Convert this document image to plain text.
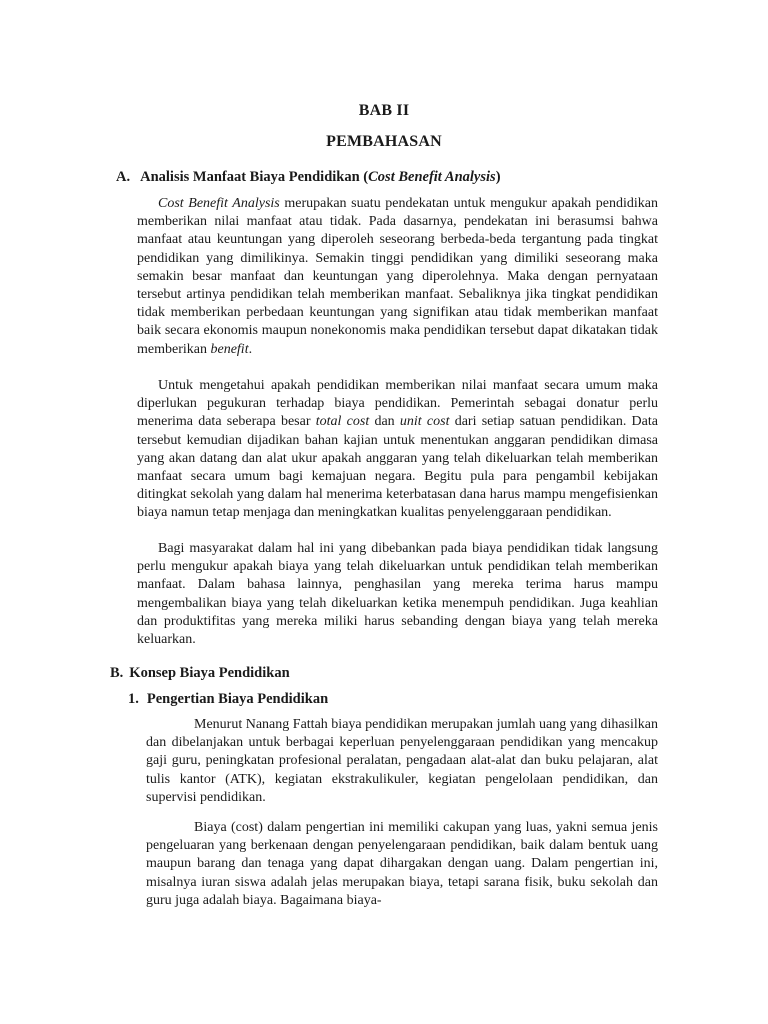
BAB II
PEMBAHASAN
A. Analisis Manfaat Biaya Pendidikan (Cost Benefit Analysis)

Cost Benefit Analysis merupakan suatu pendekatan untuk mengukur apakah pendidikan memberikan nilai manfaat atau tidak. Pada dasarnya, pendekatan ini berasumsi bahwa manfaat atau keuntungan yang diperoleh seseorang berbeda-beda tergantung pada tingkat pendidikan yang dimilikinya. Semakin tinggi pendidikan yang dimiliki seseorang maka semakin besar manfaat dan keuntungan yang diperolehnya. Maka dengan pernyataan tersebut artinya pendidikan telah memberikan manfaat. Sebaliknya jika tingkat pendidikan tidak memberikan perbedaan keuntungan yang signifikan atau tidak memberikan manfaat baik secara ekonomis maupun nonekonomis maka pendidikan tersebut dapat dikatakan tidak memberikan benefit.

Untuk mengetahui apakah pendidikan memberikan nilai manfaat secara umum maka diperlukan pegukuran terhadap biaya pendidikan. Pemerintah sebagai donatur perlu menerima data seberapa besar total cost dan unit cost dari setiap satuan pendidikan. Data tersebut kemudian dijadikan bahan kajian untuk menentukan anggaran pendidikan dimasa yang akan datang dan alat ukur apakah anggaran yang telah dikeluarkan telah memberikan manfaat secara umum bagi kemajuan negara. Begitu pula para pengambil kebijakan ditingkat sekolah yang dalam hal menerima keterbatasan dana harus mampu mengefisienkan biaya namun tetap menjaga dan meningkatkan kualitas penyelenggaraan pendidikan.

Bagi masyarakat dalam hal ini yang dibebankan pada biaya pendidikan tidak langsung perlu mengukur apakah biaya yang telah dikeluarkan untuk pendidikan telah memberikan manfaat. Dalam bahasa lainnya, penghasilan yang mereka terima harus mampu mengembalikan biaya yang telah dikeluarkan ketika menempuh pendidikan. Juga keahlian dan produktifitas yang mereka miliki harus sebanding dengan biaya yang telah mereka keluarkan.

B. Konsep Biaya Pendidikan
1. Pengertian Biaya Pendidikan

Menurut Nanang Fattah biaya pendidikan merupakan jumlah uang yang dihasilkan dan dibelanjakan untuk berbagai keperluan penyelenggaraan pendidikan yang mencakup gaji guru, peningkatan profesional peralatan, pengadaan alat-alat dan buku pelajaran, alat tulis kantor (ATK), kegiatan ekstrakulikuler, kegiatan pengelolaan pendidikan, dan supervisi pendidikan.

Biaya (cost) dalam pengertian ini memiliki cakupan yang luas, yakni semua jenis pengeluaran yang berkenaan dengan penyelengaraan pendidikan, baik dalam bentuk uang maupun barang dan tenaga yang dapat dihargakan dengan uang. Dalam pengertian ini, misalnya iuran siswa adalah jelas merupakan biaya, tetapi sarana fisik, buku sekolah dan guru juga adalah biaya. Bagaimana biaya-
